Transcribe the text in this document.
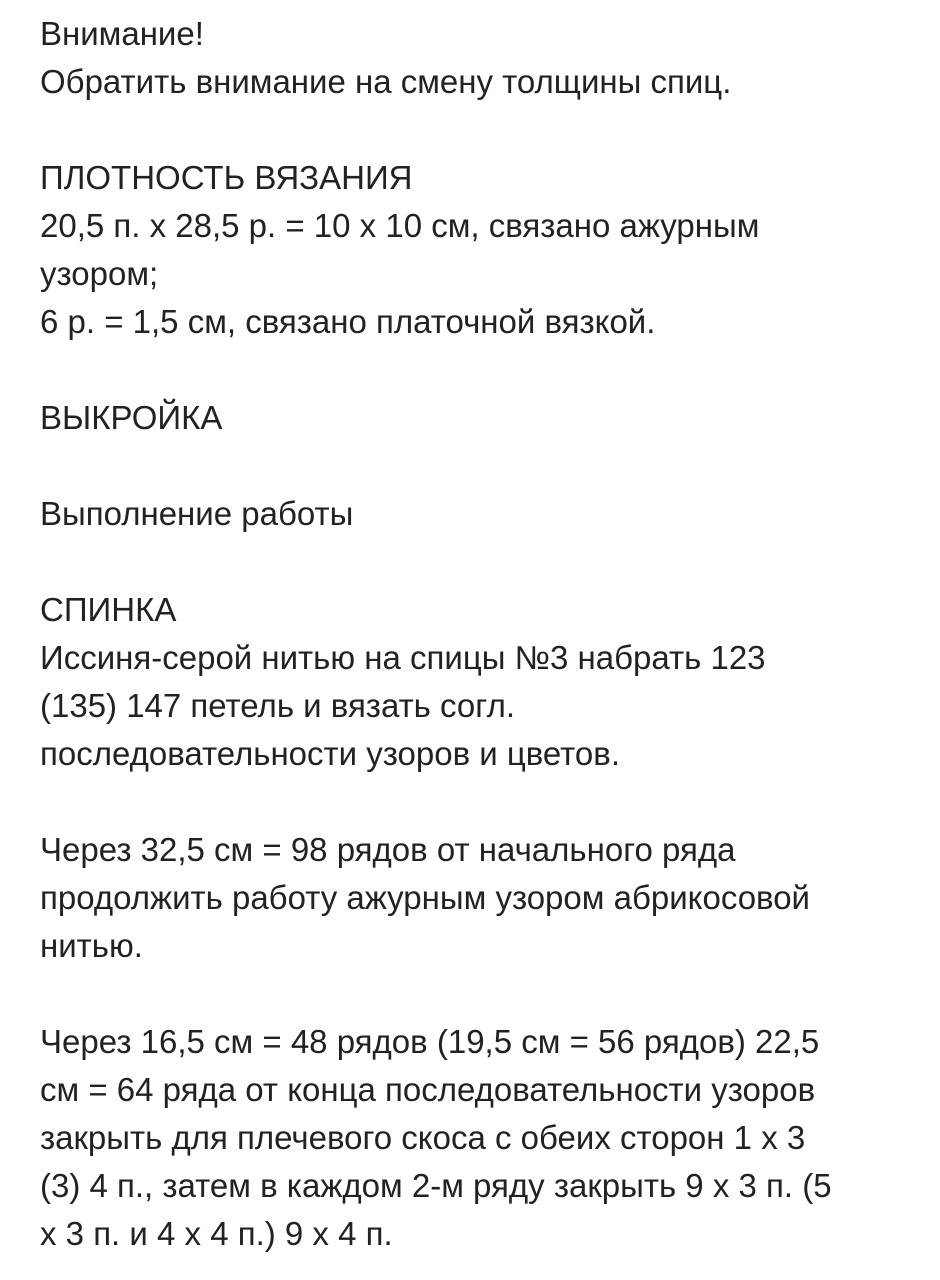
Внимание!
Обратить внимание на смену толщины спиц.
ПЛОТНОСТЬ ВЯЗАНИЯ
20,5 п. х 28,5 р. = 10 х 10 см, связано ажурным
узором;
6 р. = 1,5 см, связано платочной вязкой.
ВЫКРОЙКА
Выполнение работы
СПИНКА
Иссиня-серой нитью на спицы №3 набрать 123
(135) 147 петель и вязать согл.
последовательности узоров и цветов.
Через 32,5 см = 98 рядов от начального ряда
продолжить работу ажурным узором абрикосовой
нитью.
Через 16,5 см = 48 рядов (19,5 см = 56 рядов) 22,5
см = 64 ряда от конца последовательности узоров
закрыть для плечевого скоса с обеих сторон 1 х 3
(3) 4 п., затем в каждом 2-м ряду закрыть 9 х 3 п. (5
х 3 п. и 4 х 4 п.) 9 х 4 п.
